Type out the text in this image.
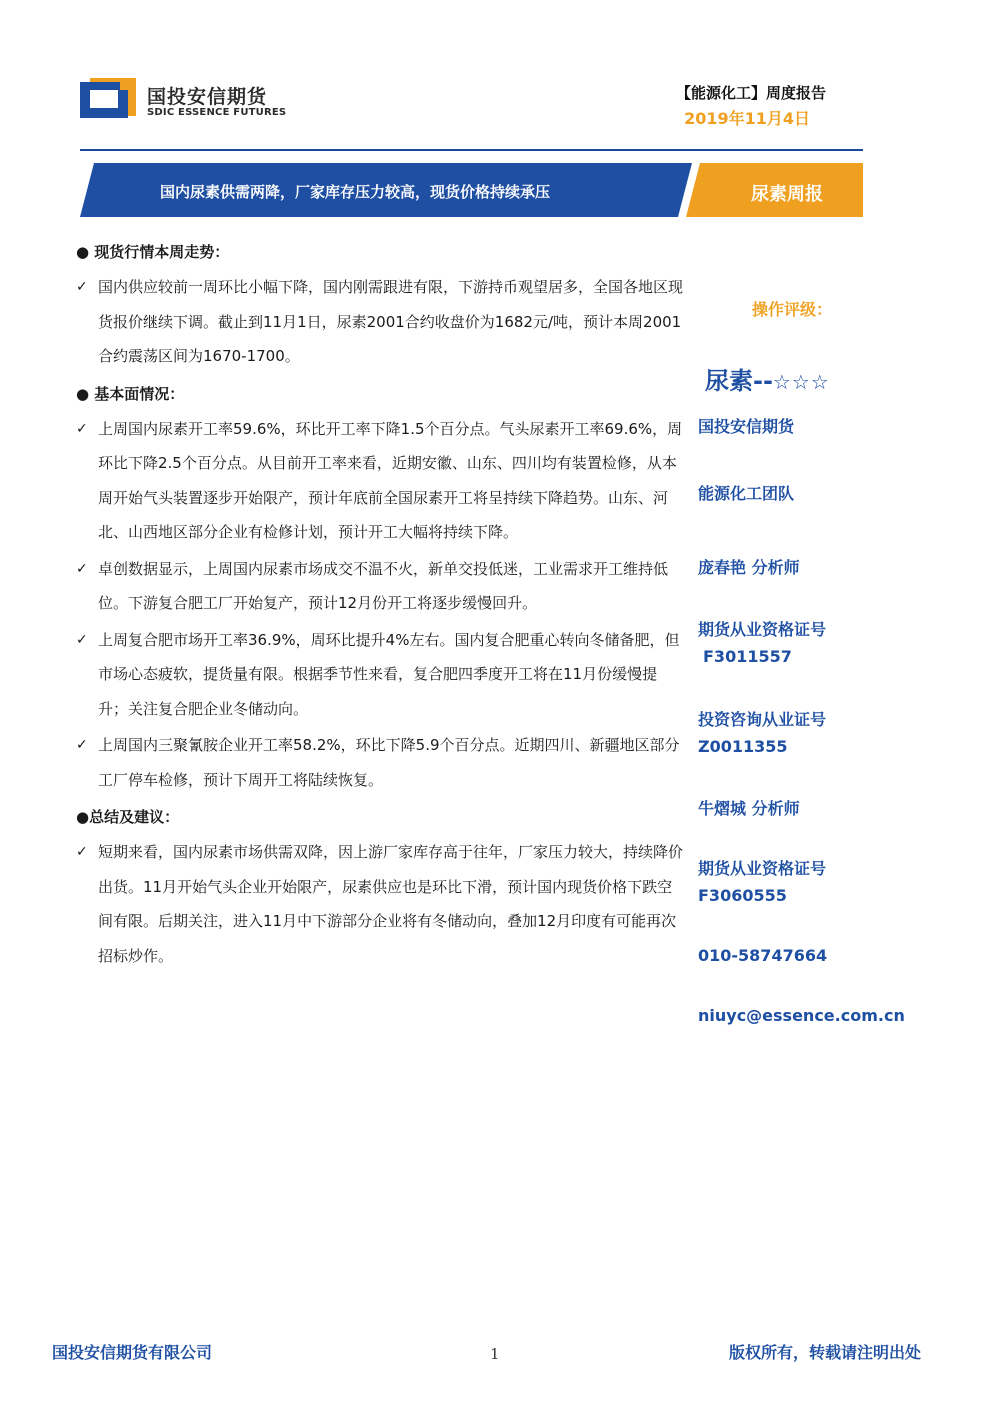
国投安信期货
SDIC ESSENCE FUTURES
【能源化工】周度报告
2019年11月4日
国内尿素供需两降，厂家库存压力较高，现货价格持续承压	尿素周报
● 现货行情本周走势：
✓ 国内供应较前一周环比小幅下降，国内刚需跟进有限，下游持币观望居多，全国各地区现货报价继续下调。截止到11月1日，尿素2001合约收盘价为1682元/吨，预计本周2001合约震荡区间为1670-1700。
● 基本面情况：
✓ 上周国内尿素开工率59.6%，环比开工率下降1.5个百分点。气头尿素开工率69.6%，周环比下降2.5个百分点。从目前开工率来看，近期安徽、山东、四川均有装置检修，从本周开始气头装置逐步开始限产，预计年底前全国尿素开工将呈持续下降趋势。山东、河北、山西地区部分企业有检修计划，预计开工大幅将持续下降。
✓ 卓创数据显示，上周国内尿素市场成交不温不火，新单交投低迷，工业需求开工维持低位。下游复合肥工厂开始复产，预计12月份开工将逐步缓慢回升。
✓ 上周复合肥市场开工率36.9%，周环比提升4%左右。国内复合肥重心转向冬储备肥，但市场心态疲软，提货量有限。根据季节性来看，复合肥四季度开工将在11月份缓慢提升；关注复合肥企业冬储动向。
✓ 上周国内三聚氰胺企业开工率58.2%，环比下降5.9个百分点。近期四川、新疆地区部分工厂停车检修，预计下周开工将陆续恢复。
●总结及建议：
✓ 短期来看，国内尿素市场供需双降，因上游厂家库存高于往年，厂家压力较大，持续降价出货。11月开始气头企业开始限产，尿素供应也是环比下滑，预计国内现货价格下跌空间有限。后期关注，进入11月中下游部分企业将有冬储动向，叠加12月印度有可能再次招标炒作。
操作评级：
尿素--☆☆☆
国投安信期货
能源化工团队
庞春艳 分析师
期货从业资格证号
F3011557
投资咨询从业证号
Z0011355
牛熠城 分析师
期货从业资格证号
F3060555
010-58747664
niuyc@essence.com.cn
国投安信期货有限公司	1	版权所有，转载请注明出处
